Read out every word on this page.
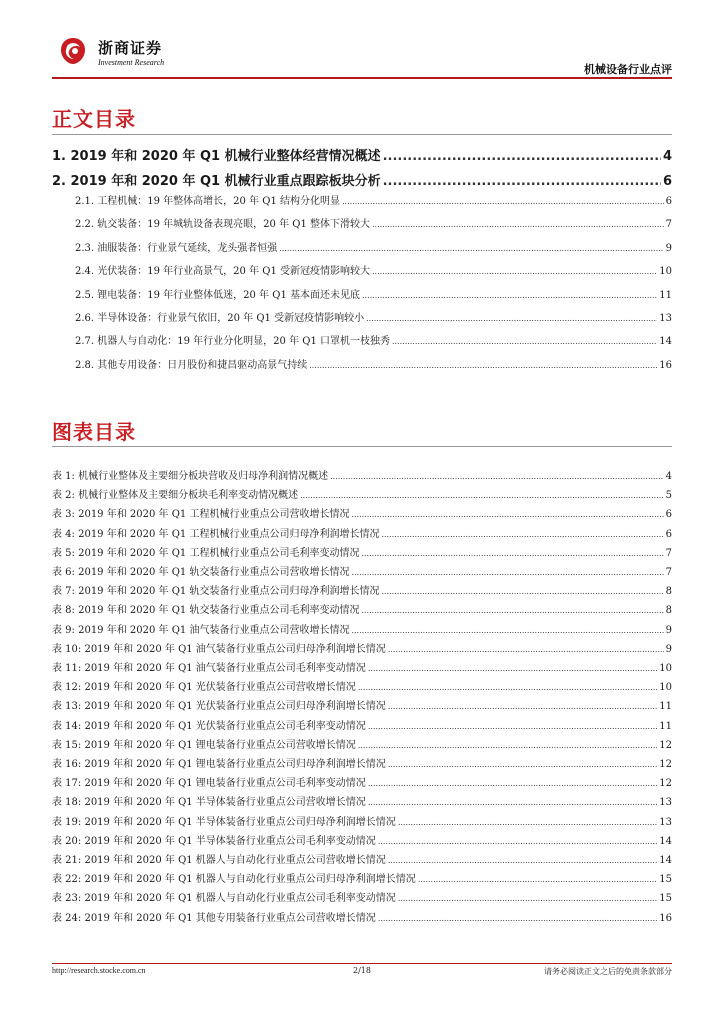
浙商证券
Investment Research
机械设备行业点评
正文目录
1. 2019 年和 2020 年 Q1 机械行业整体经营情况概述 .....	4
2. 2019 年和 2020 年 Q1 机械行业重点跟踪板块分析 .....	6
2.1. 工程机械：19 年整体高增长，20 年 Q1 结构分化明显 .....	6
2.2. 轨交装备：19 年城轨设备表现亮眼，20 年 Q1 整体下滑较大 .....	7
2.3. 油服装备：行业景气延续，龙头强者恒强 .....	9
2.4. 光伏装备：19 年行业高景气，20 年 Q1 受新冠疫情影响较大 .....	10
2.5. 锂电装备：19 年行业整体低迷，20 年 Q1 基本面还未见底 .....	11
2.6. 半导体设备：行业景气依旧，20 年 Q1 受新冠疫情影响较小 .....	13
2.7. 机器人与自动化：19 年行业分化明显，20 年 Q1 口罩机一枝独秀 .....	14
2.8. 其他专用设备：日月股份和捷昌驱动高景气持续 .....	16
图表目录
表 1: 机械行业整体及主要细分板块营收及归母净利润情况概述 .....	4
表 2: 机械行业整体及主要细分板块毛利率变动情况概述 .....	5
表 3: 2019 年和 2020 年 Q1 工程机械行业重点公司营收增长情况 .....	6
表 4: 2019 年和 2020 年 Q1 工程机械行业重点公司归母净利润增长情况 .....	6
表 5: 2019 年和 2020 年 Q1 工程机械行业重点公司毛利率变动情况 .....	7
表 6: 2019 年和 2020 年 Q1 轨交装备行业重点公司营收增长情况 .....	7
表 7: 2019 年和 2020 年 Q1 轨交装备行业重点公司归母净利润增长情况 .....	8
表 8: 2019 年和 2020 年 Q1 轨交装备行业重点公司毛利率变动情况 .....	8
表 9: 2019 年和 2020 年 Q1 油气装备行业重点公司营收增长情况 .....	9
表 10: 2019 年和 2020 年 Q1 油气装备行业重点公司归母净利润增长情况 .....	9
表 11: 2019 年和 2020 年 Q1 油气装备行业重点公司毛利率变动情况 .....	10
表 12: 2019 年和 2020 年 Q1 光伏装备行业重点公司营收增长情况 .....	10
表 13: 2019 年和 2020 年 Q1 光伏装备行业重点公司归母净利润增长情况 .....	11
表 14: 2019 年和 2020 年 Q1 光伏装备行业重点公司毛利率变动情况 .....	11
表 15: 2019 年和 2020 年 Q1 锂电装备行业重点公司营收增长情况 .....	12
表 16: 2019 年和 2020 年 Q1 锂电装备行业重点公司归母净利润增长情况 .....	12
表 17: 2019 年和 2020 年 Q1 锂电装备行业重点公司毛利率变动情况 .....	12
表 18: 2019 年和 2020 年 Q1 半导体装备行业重点公司营收增长情况 .....	13
表 19: 2019 年和 2020 年 Q1 半导体装备行业重点公司归母净利润增长情况 .....	13
表 20: 2019 年和 2020 年 Q1 半导体装备行业重点公司毛利率变动情况 .....	14
表 21: 2019 年和 2020 年 Q1 机器人与自动化行业重点公司营收增长情况 .....	14
表 22: 2019 年和 2020 年 Q1 机器人与自动化行业重点公司归母净利润增长情况 .....	15
表 23: 2019 年和 2020 年 Q1 机器人与自动化行业重点公司毛利率变动情况 .....	15
表 24: 2019 年和 2020 年 Q1 其他专用装备行业重点公司营收增长情况 .....	16
http://research.stocke.com.cn	2/18	请务必阅读正文之后的免责条款部分
